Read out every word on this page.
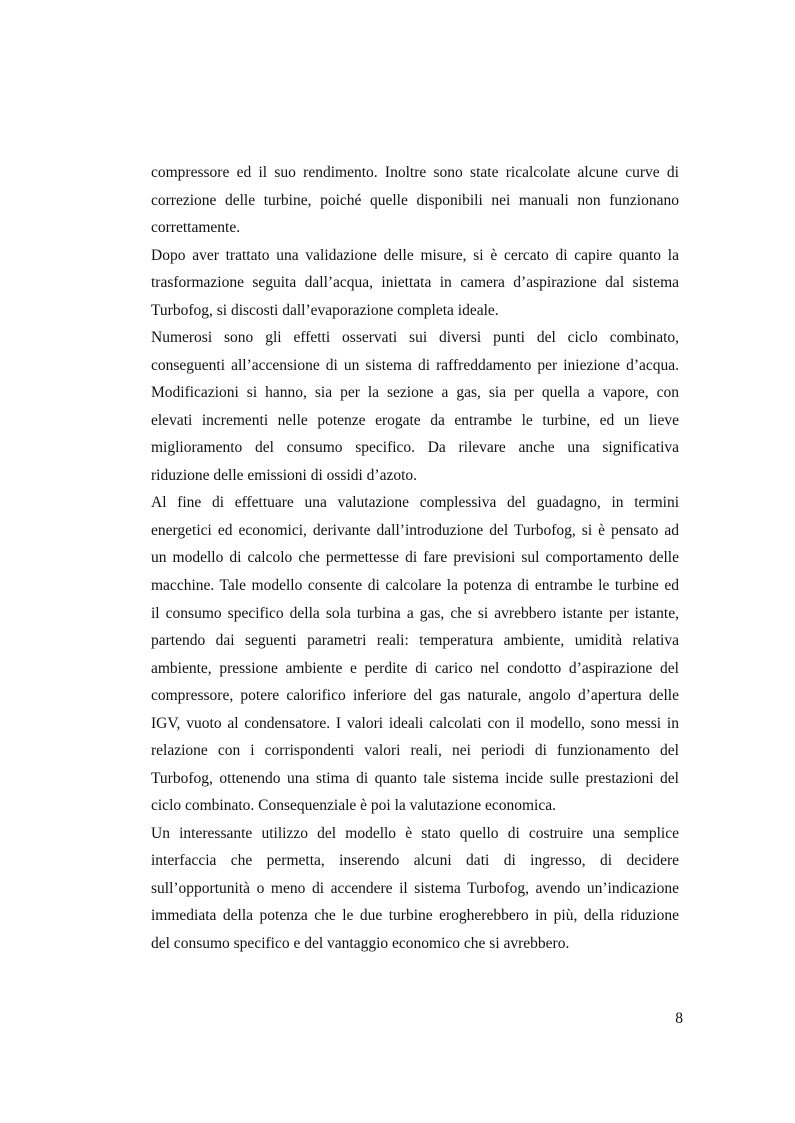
compressore ed il suo rendimento. Inoltre sono state ricalcolate alcune curve di
correzione delle turbine, poiché quelle disponibili nei manuali non funzionano
correttamente.
Dopo aver trattato una validazione delle misure, si è cercato di capire quanto la
trasformazione seguita dall’acqua, iniettata in camera d’aspirazione dal sistema
Turbofog, si discosti dall’evaporazione completa ideale.
Numerosi sono gli effetti osservati sui diversi punti del ciclo combinato,
conseguenti all’accensione di un sistema di raffreddamento per iniezione d’acqua.
Modificazioni si hanno, sia per la sezione a gas, sia per quella a vapore, con
elevati incrementi nelle potenze erogate da entrambe le turbine, ed un lieve
miglioramento del consumo specifico. Da rilevare anche una significativa
riduzione delle emissioni di ossidi d’azoto.
Al fine di effettuare una valutazione complessiva del guadagno, in termini
energetici ed economici, derivante dall’introduzione del Turbofog, si è pensato ad
un modello di calcolo che permettesse di fare previsioni sul comportamento delle
macchine. Tale modello consente di calcolare la potenza di entrambe le turbine ed
il consumo specifico della sola turbina a gas, che si avrebbero istante per istante,
partendo dai seguenti parametri reali: temperatura ambiente, umidità relativa
ambiente, pressione ambiente e perdite di carico nel condotto d’aspirazione del
compressore, potere calorifico inferiore del gas naturale, angolo d’apertura delle
IGV, vuoto al condensatore. I valori ideali calcolati con il modello, sono messi in
relazione con i corrispondenti valori reali, nei periodi di funzionamento del
Turbofog, ottenendo una stima di quanto tale sistema incide sulle prestazioni del
ciclo combinato. Consequenziale è poi la valutazione economica.
Un interessante utilizzo del modello è stato quello di costruire una semplice
interfaccia che permetta, inserendo alcuni dati di ingresso, di decidere
sull’opportunità o meno di accendere il sistema Turbofog, avendo un’indicazione
immediata della potenza che le due turbine erogherebbero in più, della riduzione
del consumo specifico e del vantaggio economico che si avrebbero.
8
